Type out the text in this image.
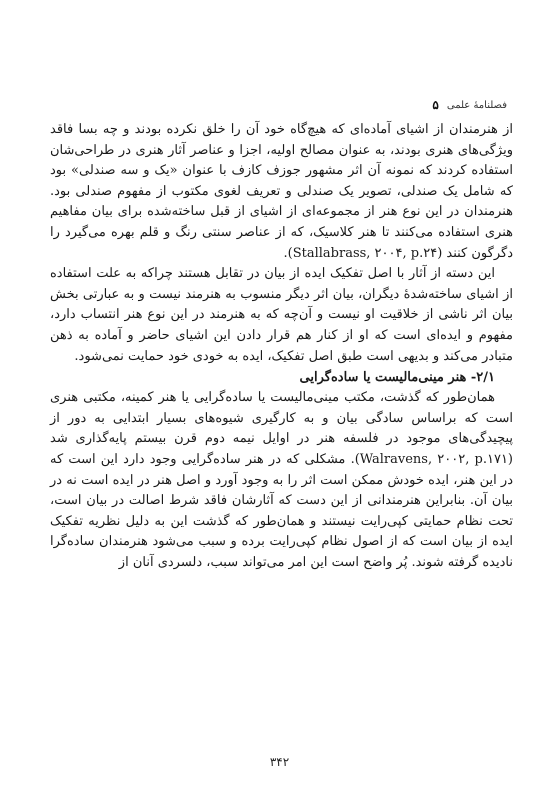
۵ فصلنامهٔ علمی

از هنرمندان از اشیای آماده‌ای که هیچ‌گاه خود آن را خلق نکرده بودند و چه بسا فاقد ویژگی‌های هنری بودند، به عنوان مصالح اولیه، اجزا و عناصر آثار هنری در طراحی‌شان استفاده کردند که نمونه آن اثر مشهور جوزف کازف با عنوان «یک و سه صندلی» بود که شامل یک صندلی، تصویر یک صندلی و تعریف لغوی مکتوب از مفهوم صندلی بود. هنرمندان در این نوع هنر از مجموعه‌ای از اشیای از قبل ساخته‌شده برای بیان مفاهیم هنری استفاده می‌کنند تا هنر کلاسیک، که از عناصر سنتی رنگ و قلم بهره می‌گیرد را دگرگون کنند (Stallabrass, ۲۰۰۴, p.۲۴).

این دسته از آثار با اصل تفکیک ایده از بیان در تقابل هستند چراکه به علت استفاده از اشیای ساخته‌شدهٔ دیگران، بیان اثر دیگر منسوب به هنرمند نیست و به عبارتی بخش بیان اثر ناشی از خلاقیت او نیست و آن‌چه که به هنرمند در این نوع هنر انتساب دارد، مفهوم و ایده‌ای است که او از کنار هم قرار دادن این اشیای حاضر و آماده به ذهن متبادر می‌کند و بدیهی است طبق اصل تفکیک، ایده به خودی خود حمایت نمی‌شود.

۲/۱- هنر مینی‌مالیست یا ساده‌گرایی

همان‌طور که گذشت، مکتب مینی‌مالیست یا ساده‌گرایی یا هنر کمینه، مکتبی هنری است که براساس سادگی بیان و به کارگیری شیوه‌های بسیار ابتدایی به دور از پیچیدگی‌های موجود در فلسفه هنر در اوایل نیمه دوم قرن بیستم پایه‌گذاری شد (Walravens, ۲۰۰۲, p.۱۷۱). مشکلی که در هنر ساده‌گرایی وجود دارد این است که در این هنر، ایده خودش ممکن است اثر را به وجود آورد و اصل هنر در ایده است نه در بیان آن. بنابراین هنرمندانی از این دست که آثارشان فاقد شرط اصالت در بیان است، تحت نظام حمایتی کپی‌رایت نیستند و همان‌طور که گذشت این به دلیل نظریه تفکیک ایده از بیان است که از اصول نظام کپی‌رایت برده و سبب می‌شود هنرمندان ساده‌گرا نادیده گرفته شوند. پُر واضح است این امر می‌تواند سبب، دلسردی آنان از

۳۴۲
